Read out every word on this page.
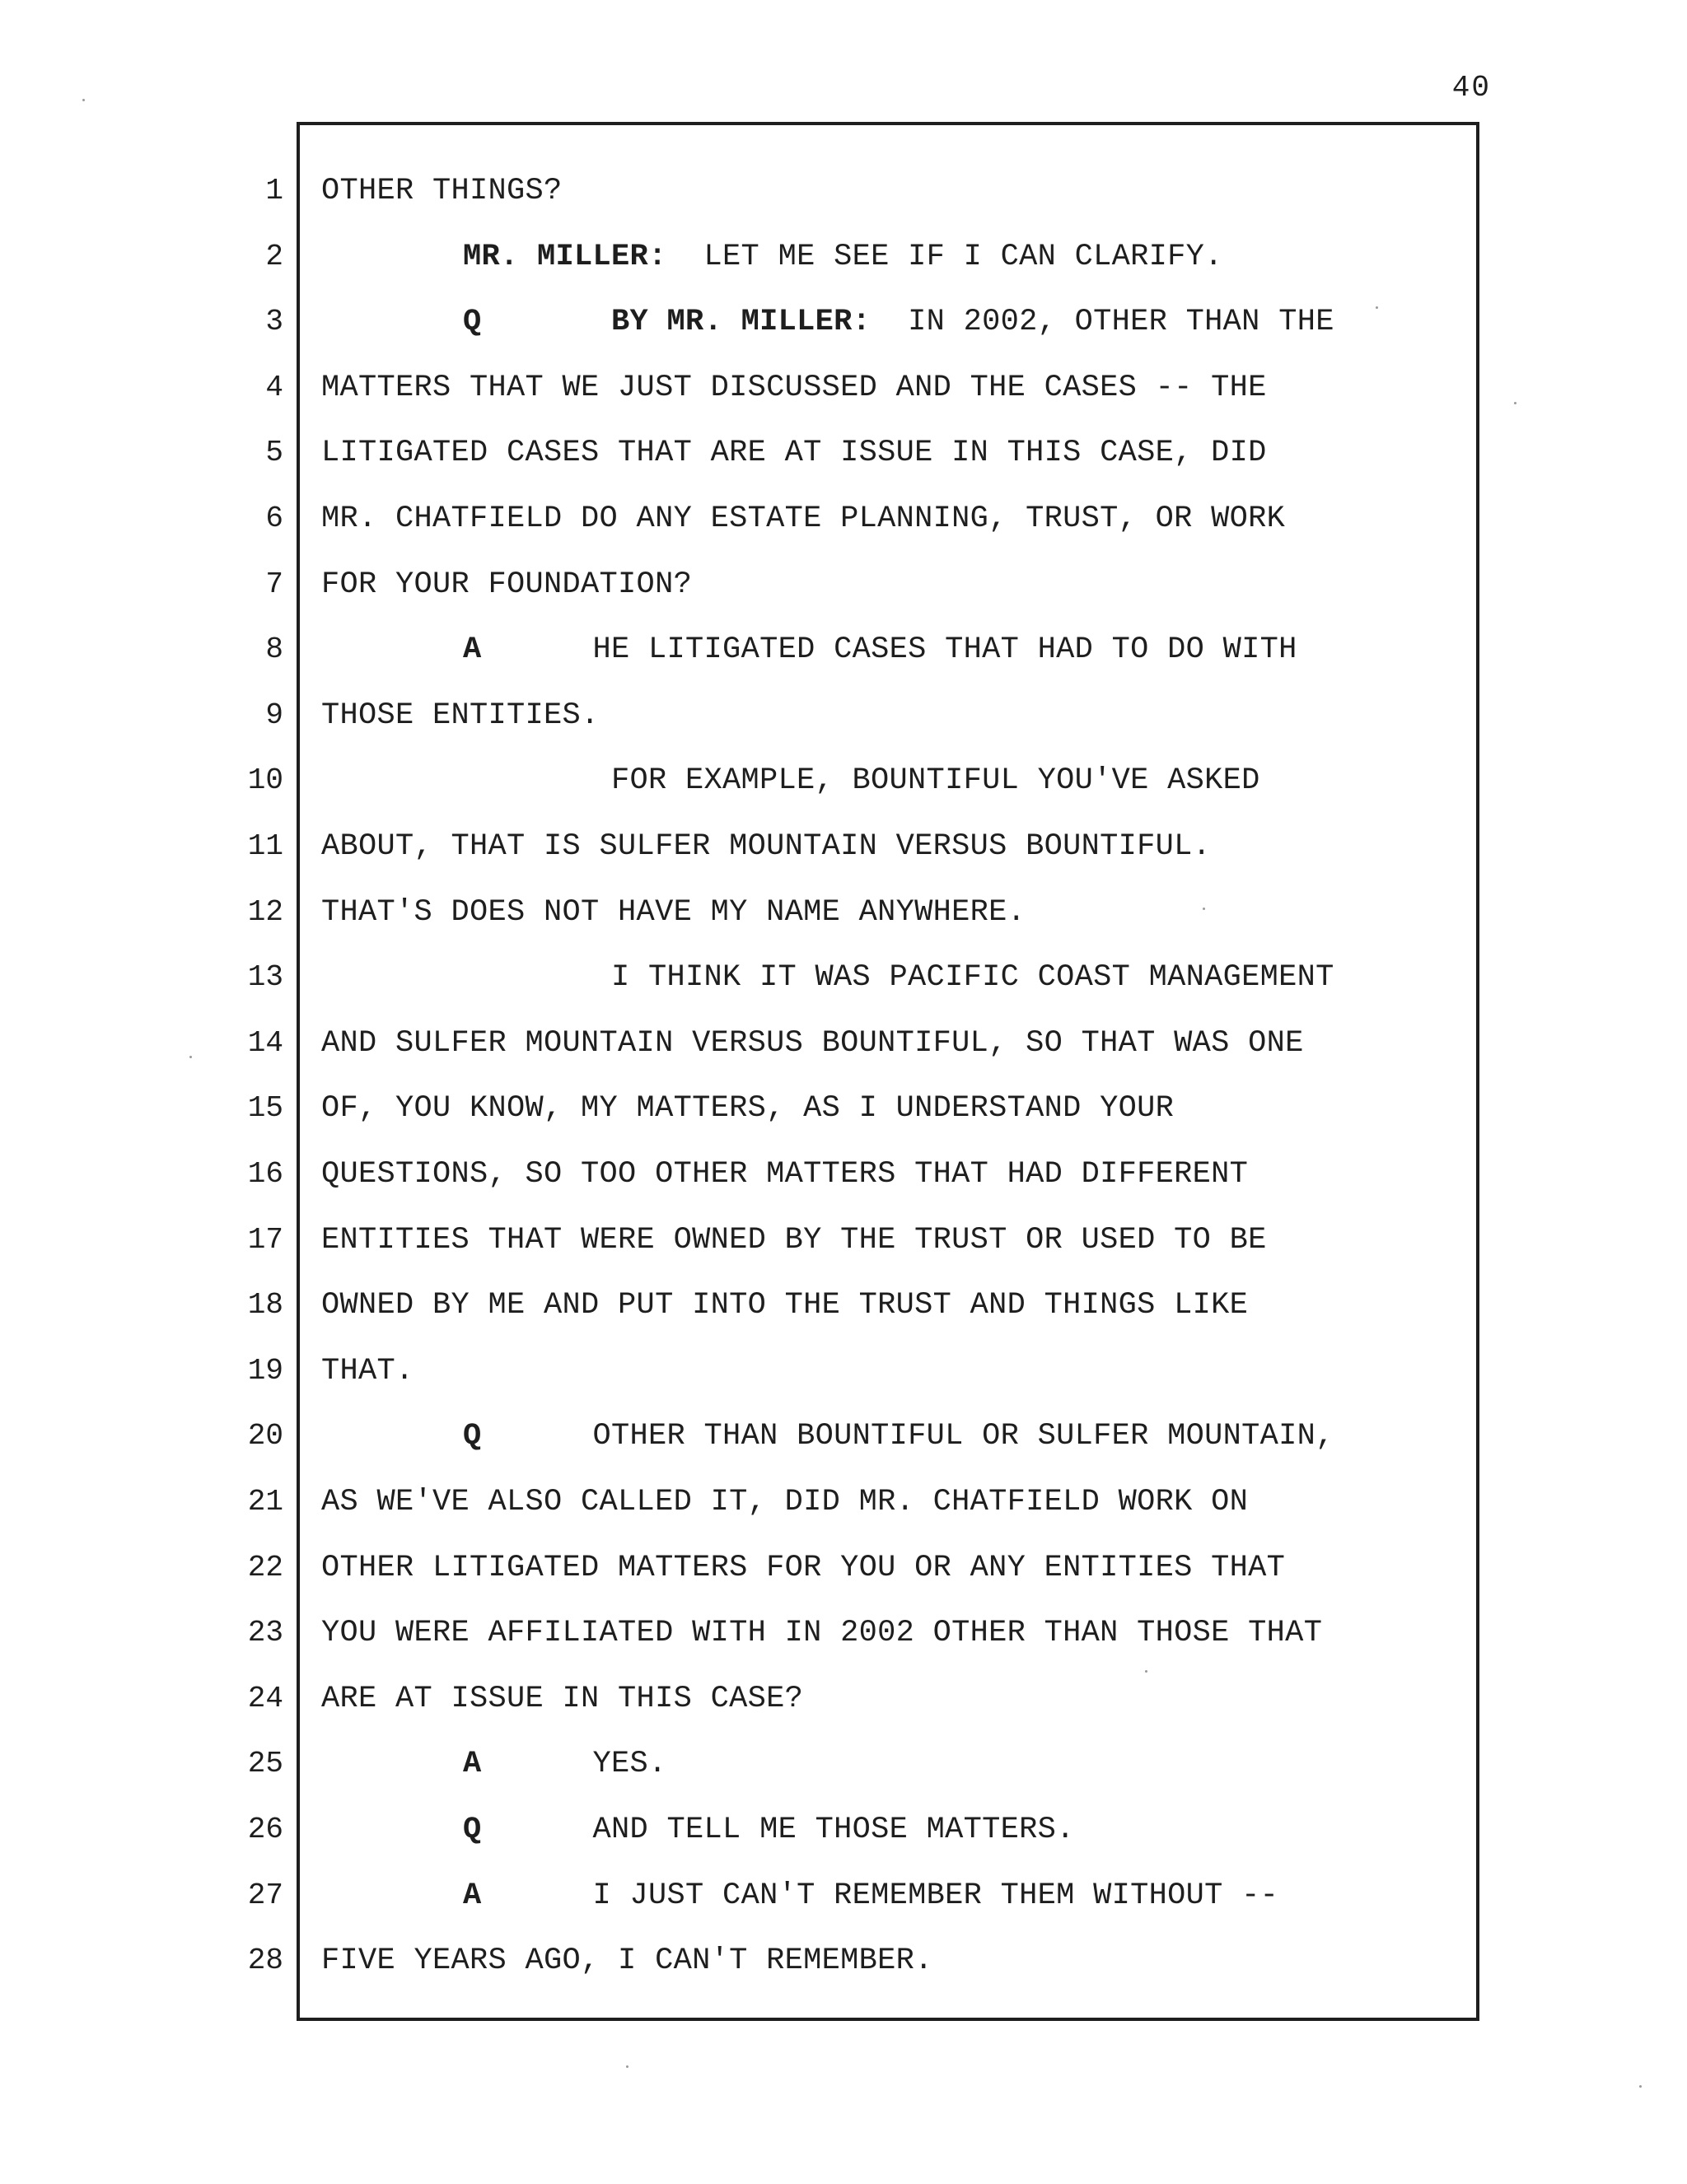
40
1
2
3
4
5
6
7
8
9
10
11
12
13
14
15
16
17
18
19
20
21
22
23
24
25
26
27
28
OTHER THINGS?
MR. MILLER:  LET ME SEE IF I CAN CLARIFY.
Q	BY MR. MILLER:  IN 2002, OTHER THAN THE
MATTERS THAT WE JUST DISCUSSED AND THE CASES -- THE
LITIGATED CASES THAT ARE AT ISSUE IN THIS CASE, DID
MR. CHATFIELD DO ANY ESTATE PLANNING, TRUST, OR WORK
FOR YOUR FOUNDATION?
A      HE LITIGATED CASES THAT HAD TO DO WITH
THOSE ENTITIES.
FOR EXAMPLE, BOUNTIFUL YOU'VE ASKED
ABOUT, THAT IS SULFER MOUNTAIN VERSUS BOUNTIFUL.
THAT'S DOES NOT HAVE MY NAME ANYWHERE.
I THINK IT WAS PACIFIC COAST MANAGEMENT
AND SULFER MOUNTAIN VERSUS BOUNTIFUL, SO THAT WAS ONE
OF, YOU KNOW, MY MATTERS, AS I UNDERSTAND YOUR
QUESTIONS, SO TOO OTHER MATTERS THAT HAD DIFFERENT
ENTITIES THAT WERE OWNED BY THE TRUST OR USED TO BE
OWNED BY ME AND PUT INTO THE TRUST AND THINGS LIKE
THAT.
Q      OTHER THAN BOUNTIFUL OR SULFER MOUNTAIN,
AS WE'VE ALSO CALLED IT, DID MR. CHATFIELD WORK ON
OTHER LITIGATED MATTERS FOR YOU OR ANY ENTITIES THAT
YOU WERE AFFILIATED WITH IN 2002 OTHER THAN THOSE THAT
ARE AT ISSUE IN THIS CASE?
A      YES.
Q      AND TELL ME THOSE MATTERS.
A      I JUST CAN'T REMEMBER THEM WITHOUT --
FIVE YEARS AGO, I CAN'T REMEMBER.
